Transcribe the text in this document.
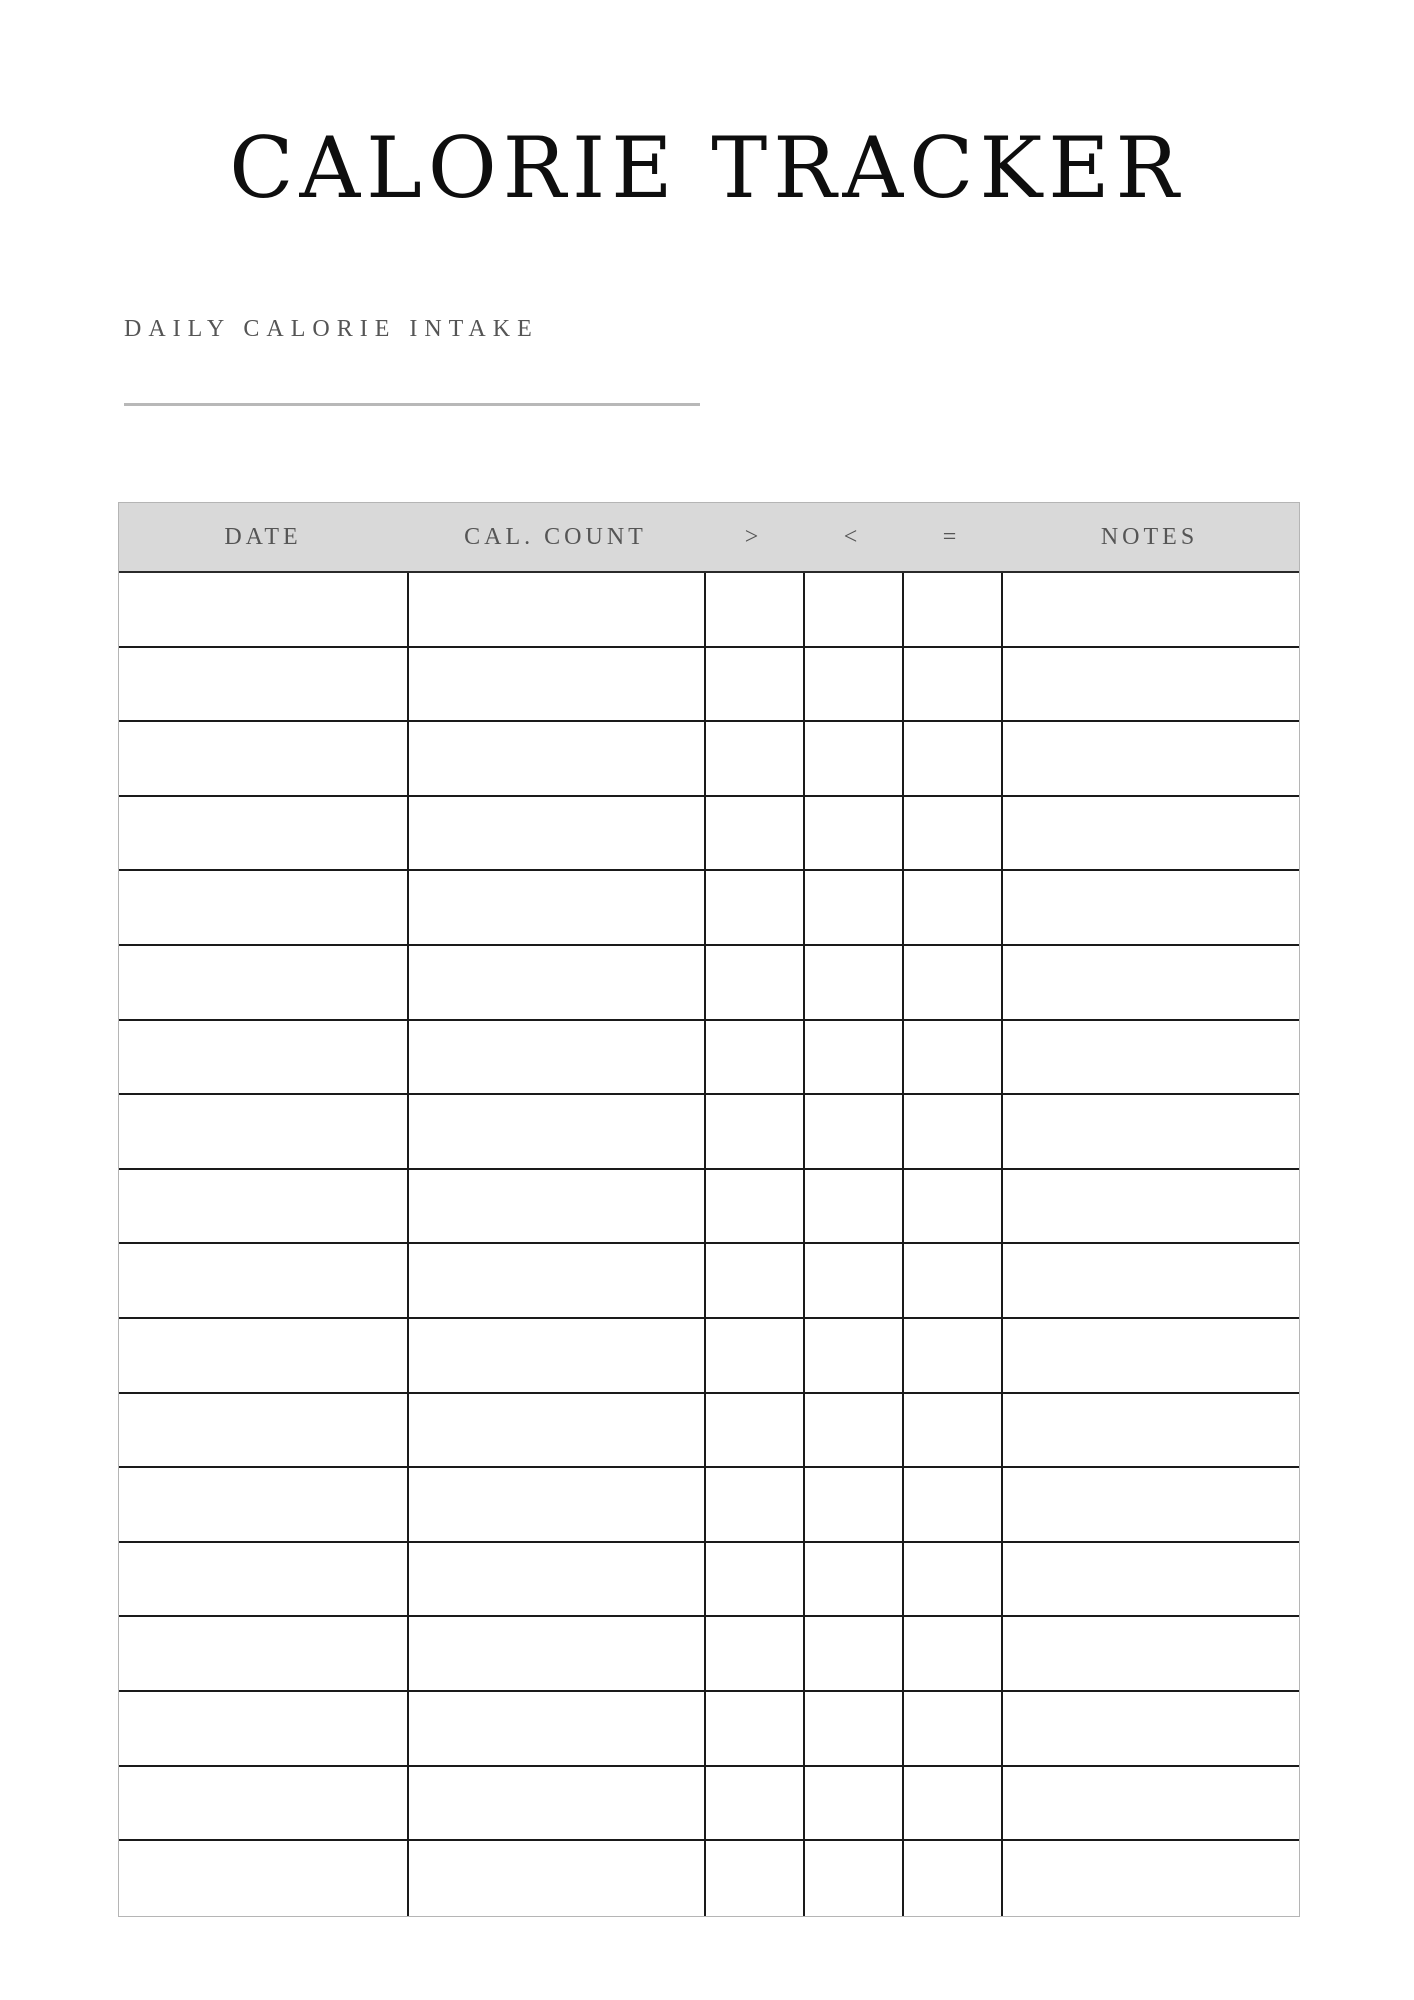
CALORIE TRACKER
DAILY CALORIE INTAKE
DATE	CAL. COUNT	>	<	=	NOTES
